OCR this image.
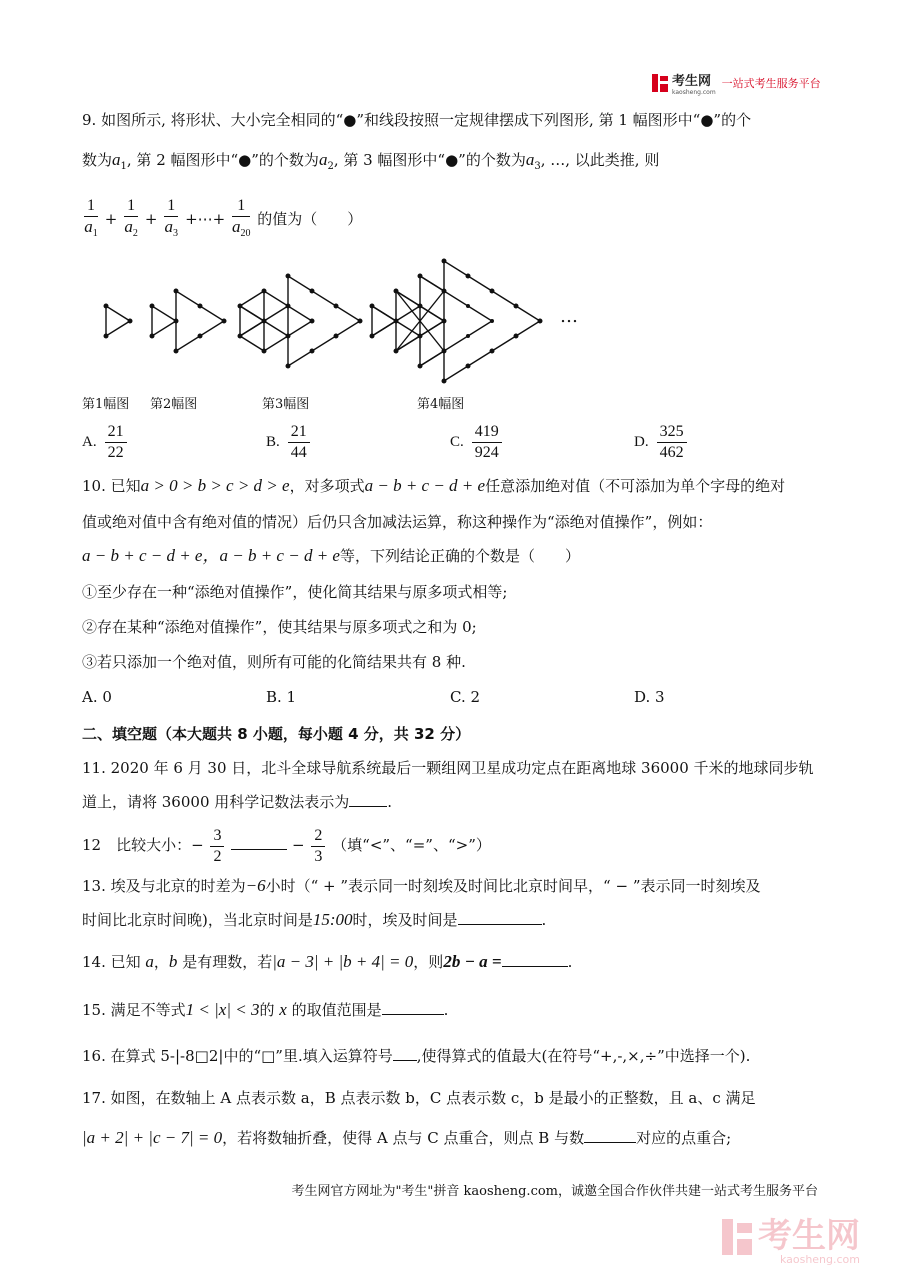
考生网
kaosheng.com
一站式考生服务平台
9. 如图所示, 将形状、大小完全相同的“●”和线段按照一定规律摆成下列图形, 第 1 幅图形中“●”的个
数为$a_1$, 第 2 幅图形中“●”的个数为$a_2$, 第 3 幅图形中“●”的个数为$a_3$, …, 以此类推, 则
$\frac{1}{a_1} + \frac{1}{a_2} + \frac{1}{a_3}$ +⋯+ $\frac{1}{a_{20}}$ 的值为（　　）
…
第1幅图 第2幅图	第3幅图	第4幅图
A. $\frac{21}{22}$	B. $\frac{21}{44}$	C. $\frac{419}{924}$	D. $\frac{325}{462}$
10. 已知a > 0 > b > c > d > e，对多项式a − b + c − d + e任意添加绝对值（不可添加为单个字母的绝对
值或绝对值中含有绝对值的情况）后仍只含加减法运算，称这种操作为“添绝对值操作”，例如：
a − b + c − d + e，a − b + c − d + e等，下列结论正确的个数是（　　）
①至少存在一种“添绝对值操作”，使化简其结果与原多项式相等;
②存在某种“添绝对值操作”，使其结果与原多项式之和为 0;
③若只添加一个绝对值，则所有可能的化简结果共有 8 种.
A. 0	B. 1	C. 2	D. 3
二、填空题（本大题共 8 小题，每小题 4 分，共 32 分）
11. 2020 年 6 月 30 日，北斗全球导航系统最后一颗组网卫星成功定点在距离地球 36000 千米的地球同步轨
道上，请将 36000 用科学记数法表示为	.
12　比较大小：− $\frac{3}{2}$	− $\frac{2}{3}$ （填“<”、“=”、“>”）
13. 埃及与北京的时差为−6小时（“ + ”表示同一时刻埃及时间比北京时间早，“ − ”表示同一时刻埃及
时间比北京时间晚)，当北京时间是15:00时，埃及时间是	.
14. 已知 a，b 是有理数，若|a − 3| + |b + 4| = 0，则2b − a =	.
15. 满足不等式1 < |x| < 3的 x 的取值范围是	.
16. 在算式 5-|-8□2|中的“□”里.填入运算符号 ,使得算式的值最大(在符号“+,-,×,÷”中选择一个).
17. 如图，在数轴上 A 点表示数 a，B 点表示数 b，C 点表示数 c，b 是最小的正整数，且 a、c 满足
|a + 2| + |c − 7| = 0，若将数轴折叠，使得 A 点与 C 点重合，则点 B 与数	对应的点重合;
考生网官方网址为"考生"拼音 kaosheng.com，诚邀全国合作伙伴共建一站式考生服务平台
考生网
kaosheng.com
